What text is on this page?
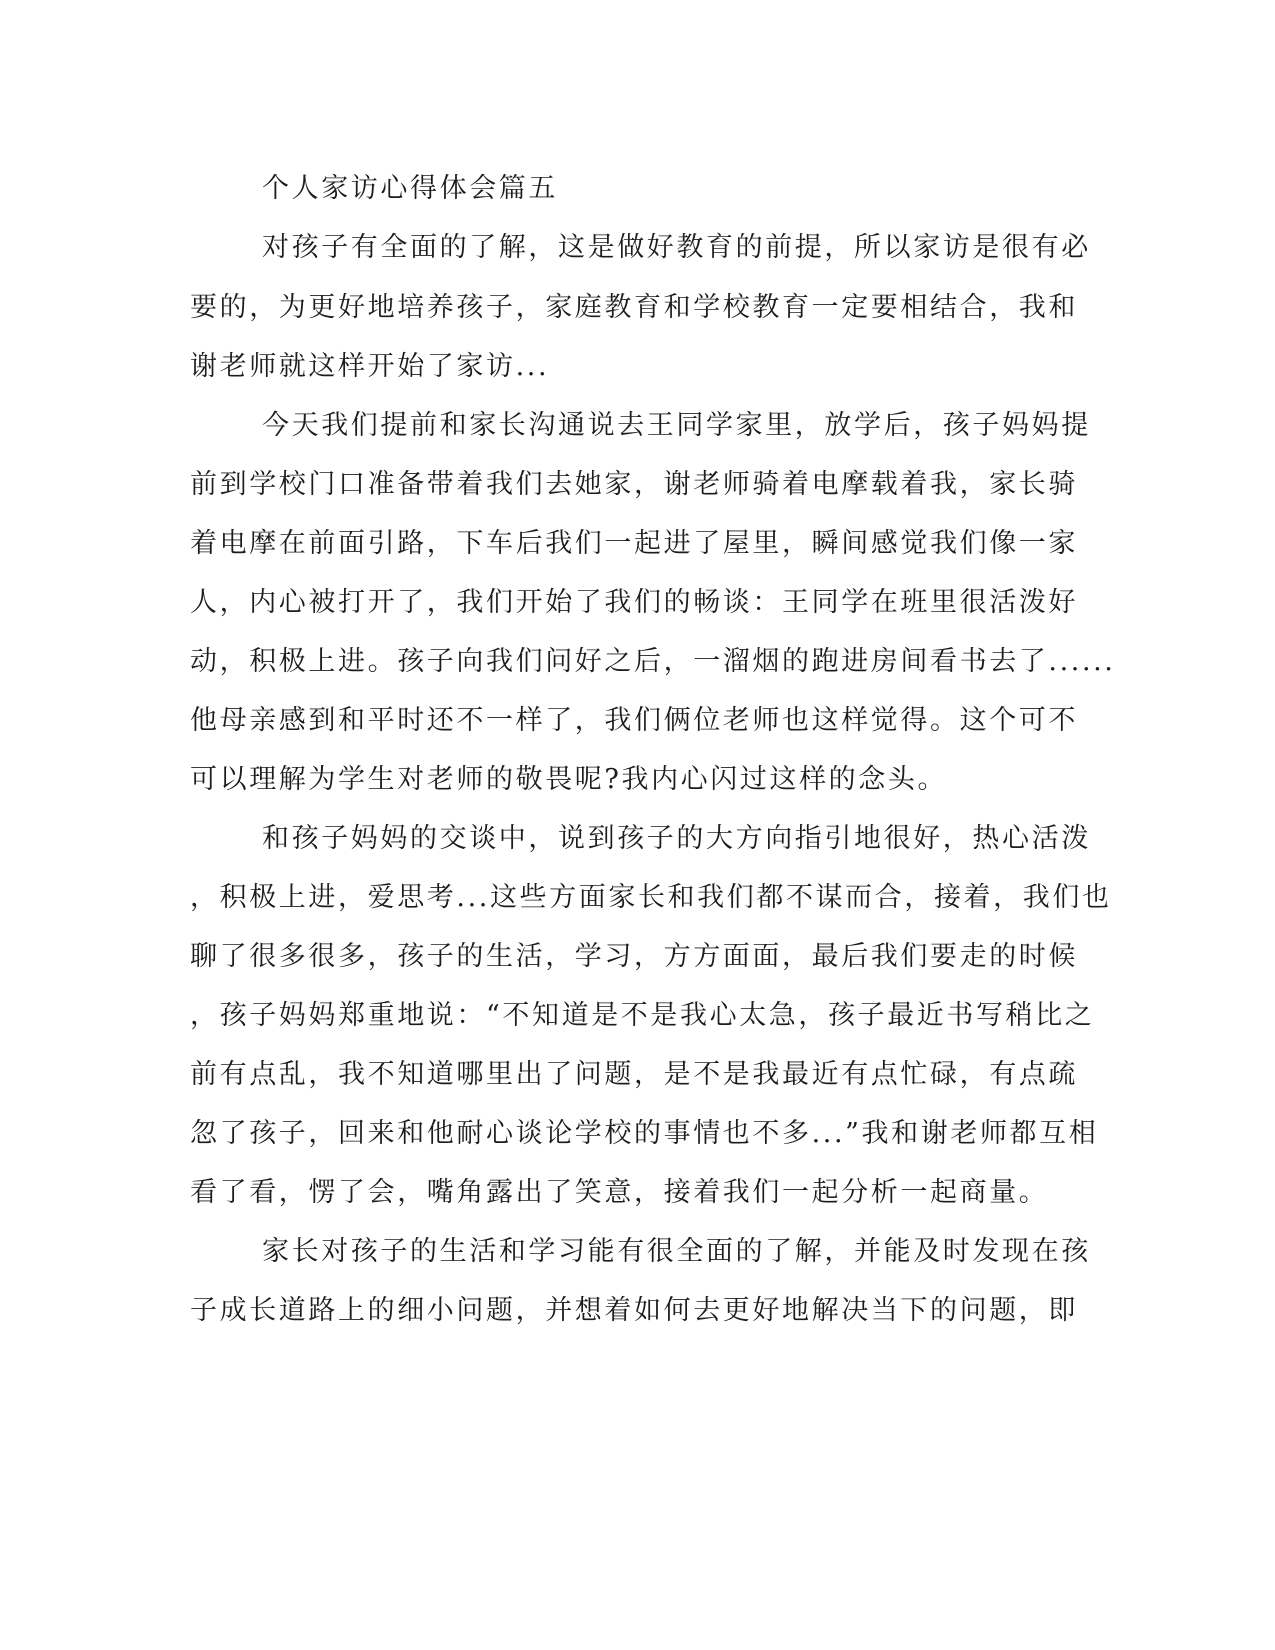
个人家访心得体会篇五
对孩子有全面的了解，这是做好教育的前提，所以家访是很有必
要的，为更好地培养孩子，家庭教育和学校教育一定要相结合，我和
谢老师就这样开始了家访...
今天我们提前和家长沟通说去王同学家里，放学后，孩子妈妈提
前到学校门口准备带着我们去她家，谢老师骑着电摩载着我，家长骑
着电摩在前面引路，下车后我们一起进了屋里，瞬间感觉我们像一家
人，内心被打开了，我们开始了我们的畅谈：王同学在班里很活泼好
动，积极上进。孩子向我们问好之后，一溜烟的跑进房间看书去了......
他母亲感到和平时还不一样了，我们俩位老师也这样觉得。这个可不
可以理解为学生对老师的敬畏呢?我内心闪过这样的念头。
和孩子妈妈的交谈中，说到孩子的大方向指引地很好，热心活泼
，积极上进，爱思考...这些方面家长和我们都不谋而合，接着，我们也
聊了很多很多，孩子的生活，学习，方方面面，最后我们要走的时候
，孩子妈妈郑重地说：“不知道是不是我心太急，孩子最近书写稍比之
前有点乱，我不知道哪里出了问题，是不是我最近有点忙碌，有点疏
忽了孩子，回来和他耐心谈论学校的事情也不多...”我和谢老师都互相
看了看，愣了会，嘴角露出了笑意，接着我们一起分析一起商量。
家长对孩子的生活和学习能有很全面的了解，并能及时发现在孩
子成长道路上的细小问题，并想着如何去更好地解决当下的问题，即
